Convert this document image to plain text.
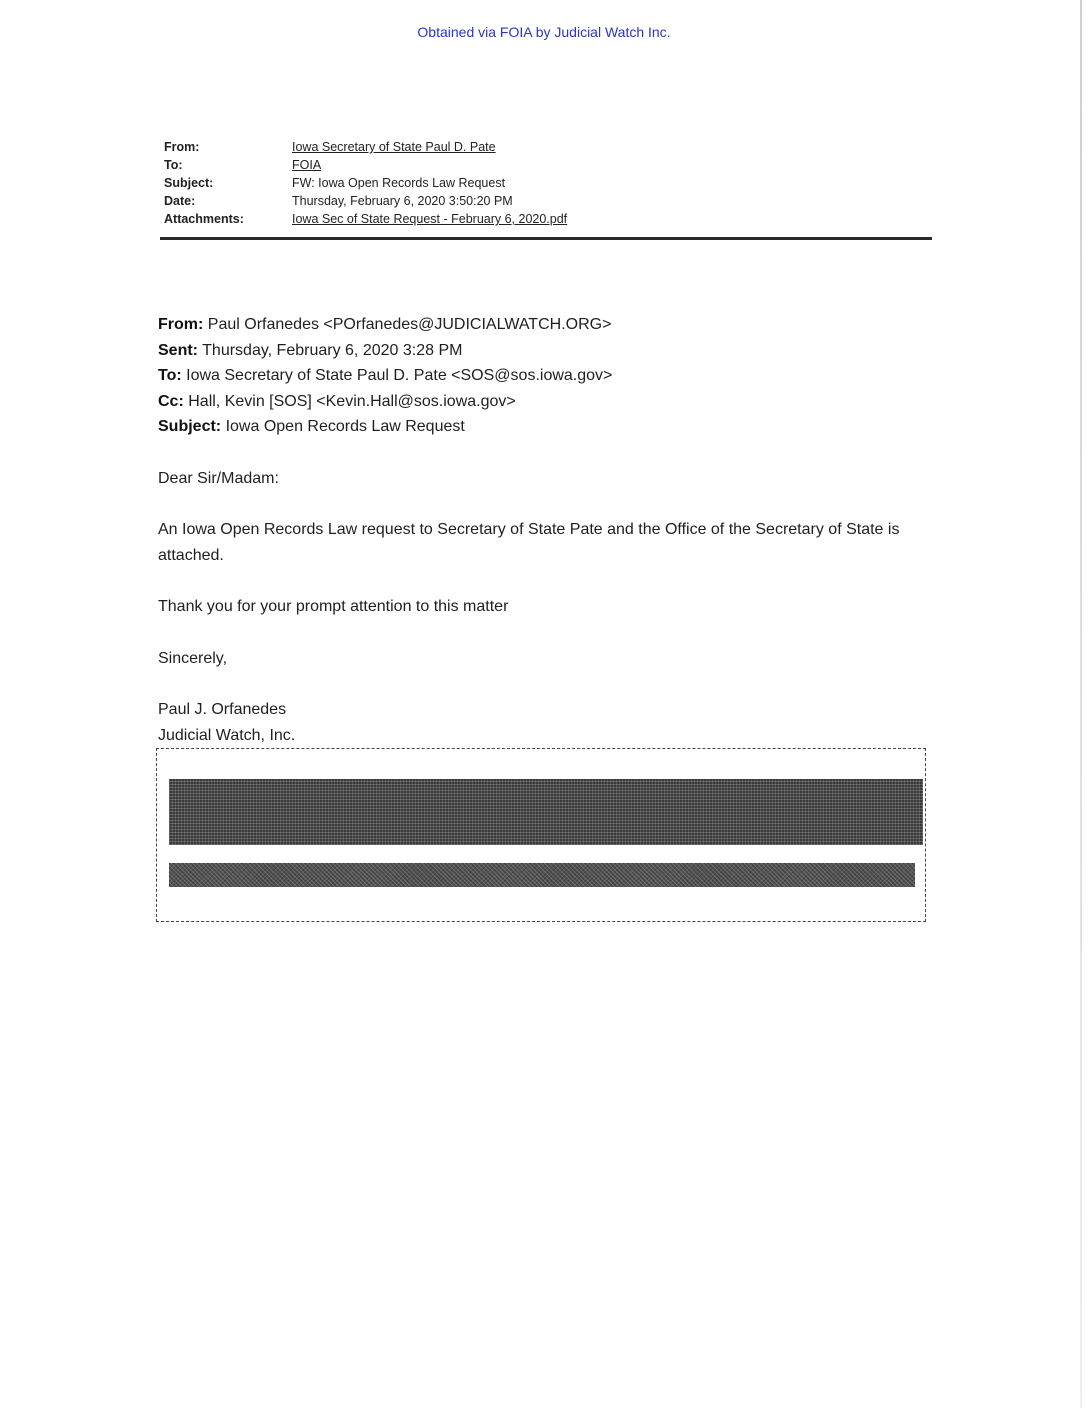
Obtained via FOIA by Judicial Watch Inc.
From:	Iowa Secretary of State Paul D. Pate
To:	FOIA
Subject:	FW: Iowa Open Records Law Request
Date:	Thursday, February 6, 2020 3:50:20 PM
Attachments:	Iowa Sec of State Request - February 6, 2020.pdf
From: Paul Orfanedes <POrfanedes@JUDICIALWATCH.ORG>
Sent: Thursday, February 6, 2020 3:28 PM
To: Iowa Secretary of State Paul D. Pate <SOS@sos.iowa.gov>
Cc: Hall, Kevin [SOS] <Kevin.Hall@sos.iowa.gov>
Subject: Iowa Open Records Law Request
Dear Sir/Madam:
An Iowa Open Records Law request to Secretary of State Pate and the Office of the Secretary of State is attached.
Thank you for your prompt attention to this matter
Sincerely,
Paul J. Orfanedes
Judicial Watch, Inc.
